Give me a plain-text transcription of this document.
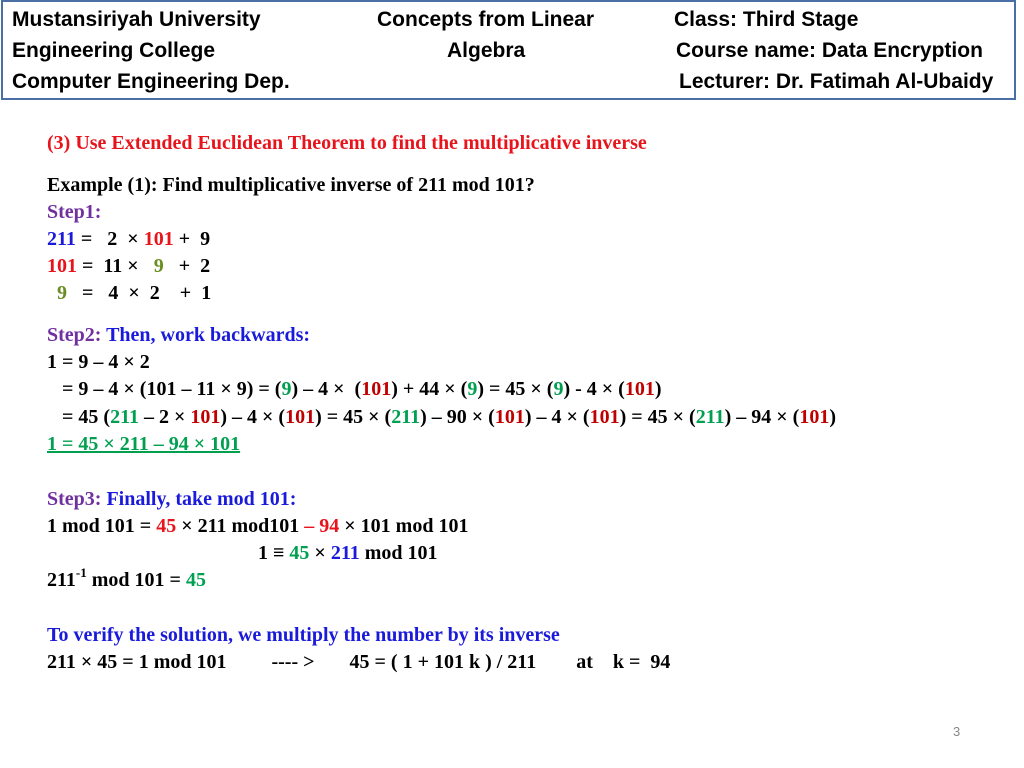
Mustansiriyah University
Engineering College
Computer Engineering Dep.
Concepts from Linear
Algebra
Class: Third Stage
Course name: Data Encryption
Lecturer: Dr. Fatimah Al-Ubaidy
(3) Use Extended Euclidean Theorem to find the multiplicative inverse
Example (1): Find multiplicative inverse of 211 mod 101?
Step1:
211 =   2  × 101 +  9
101 =  11 ×   9   +  2
9   =   4  ×  2    +  1
Step2: Then, work backwards:
1 = 9 – 4 × 2
= 9 – 4 × (101 – 11 × 9) = (9) – 4 ×  (101) + 44 × (9) = 45 × (9) - 4 × (101)
= 45 (211 – 2 × 101) – 4 × (101) = 45 × (211) – 90 × (101) – 4 × (101) = 45 × (211) – 94 × (101)
1 = 45 × 211 – 94 × 101
Step3: Finally, take mod 101:
1 mod 101 = 45 × 211 mod101 – 94 × 101 mod 101
1 ≡ 45 × 211 mod 101
$211^{-1}$ mod 101 = 45
To verify the solution, we multiply the number by its inverse
211 × 45 = 1 mod 101         ---- >       45 = ( 1 + 101 k ) / 211        at    k =  94
3
